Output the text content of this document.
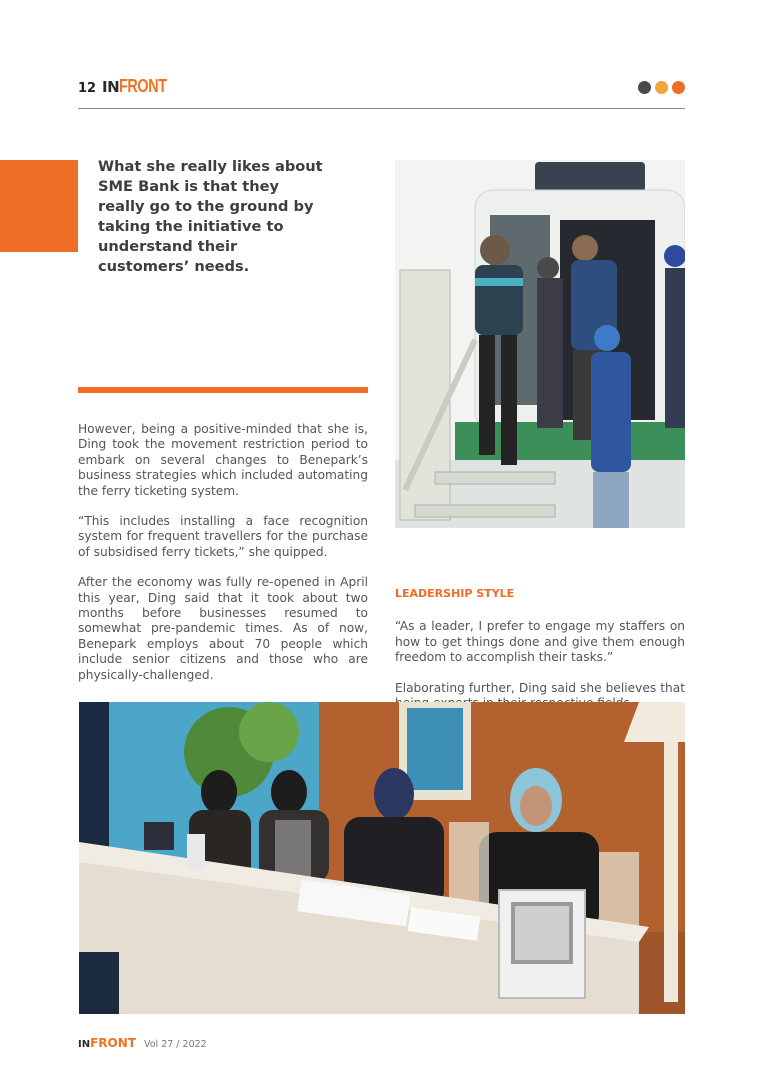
12 INFRONT
What she really likes about SME Bank is that they really go to the ground by taking the initiative to understand their customers’ needs.

However, being a positive-minded that she is, Ding took the movement restriction period to embark on several changes to Benepark’s business strategies which included automating the ferry ticketing system.

“This includes installing a face recognition system for frequent travellers for the purchase of subsidised ferry tickets,” she quipped.

After the economy was fully re-opened in April this year, Ding said that it took about two months before businesses resumed to somewhat pre-pandemic times. As of now, Benepark employs about 70 people which include senior citizens and those who are physically-challenged.

LEADERSHIP STYLE

“As a leader, I prefer to engage my staffers on how to get things done and give them enough freedom to accomplish their tasks.”

Elaborating further, Ding said she believes that

INFRONT Vol 27 / 2022
